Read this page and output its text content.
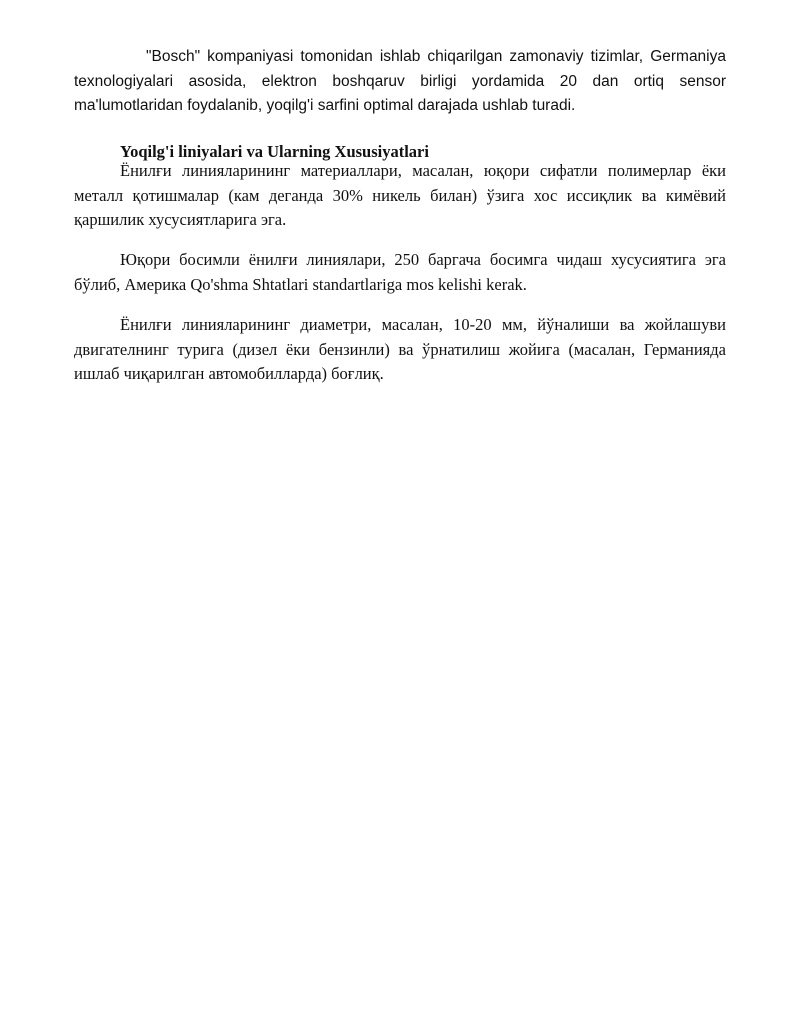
"Bosch" kompaniyasi tomonidan ishlab chiqarilgan zamonaviy tizimlar, Germaniya texnologiyalari asosida, elektron boshqaruv birligi yordamida 20 dan ortiq sensor ma'lumotlaridan foydalanib, yoqilg'i sarfini optimal darajada ushlab turadi.

Yoqilg'i liniyalari va Ularning Xususiyatlari

Ёнилғи линияларининг материаллари, масалан, юқори сифатли полимерлар ёки металл қотишмалар (кам деганда 30% никель билан) ўзига хос иссиқлик ва кимёвий қаршилик хусусиятларига эга.

Юқори босимли ёнилғи линиялари, 250 баргача босимга чидаш хусусиятига эга бўлиб, Америка Qo'shma Shtatlari standartlariga mos kelishi kerak.

Ёнилғи линияларининг диаметри, масалан, 10-20 мм, йўналиши ва жойлашуви двигателнинг турига (дизел ёки бензинли) ва ўрнатилиш жойига (масалан, Германияда ишлаб чиқарилган автомобилларда) боғлиқ.
